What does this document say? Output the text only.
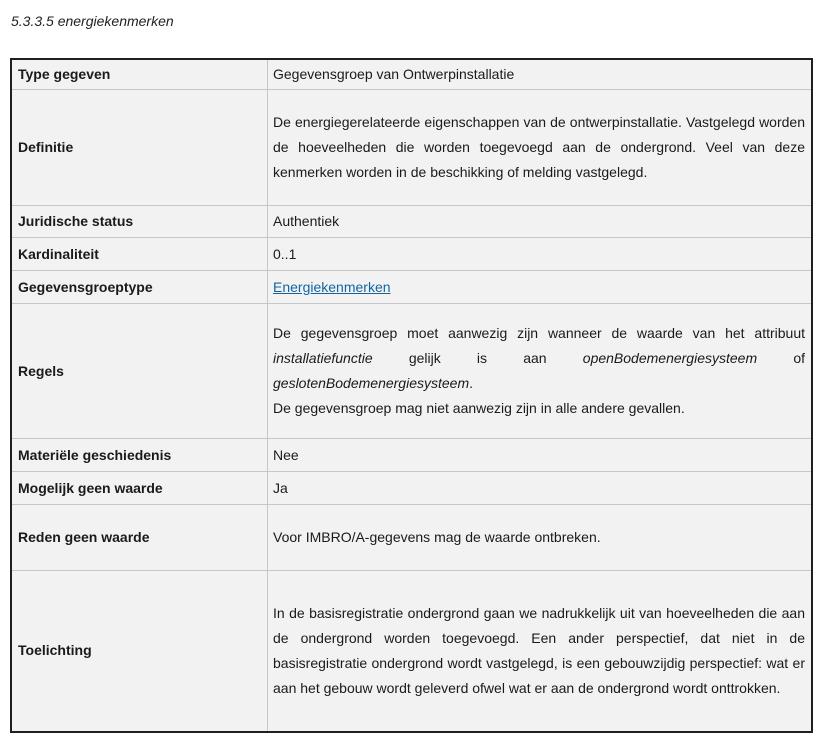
5.3.3.5 energiekenmerken
Type gegeven	Gegevensgroep van Ontwerpinstallatie
Definitie	De energiegerelateerde eigenschappen van de ontwerpinstallatie. Vastgelegd worden de hoeveelheden die worden toegevoegd aan de ondergrond. Veel van deze kenmerken worden in de beschikking of melding vastgelegd.
Juridische status	Authentiek
Kardinaliteit	0..1
Gegevensgroeptype	Energiekenmerken
Regels	De gegevensgroep moet aanwezig zijn wanneer de waarde van het attribuut installatiefunctie gelijk is aan openBodemenergiesysteem of geslotenBodemenergiesysteem.
De gegevensgroep mag niet aanwezig zijn in alle andere gevallen.

Materiële geschiedenis	Nee
Mogelijk geen waarde	Ja
Reden geen waarde	Voor IMBRO/A-gegevens mag de waarde ontbreken.
Toelichting	In de basisregistratie ondergrond gaan we nadrukkelijk uit van hoeveelheden die aan de ondergrond worden toegevoegd. Een ander perspectief, dat niet in de basisregistratie ondergrond wordt vastgelegd, is een gebouwzijdig perspectief: wat er aan het gebouw wordt geleverd ofwel wat er aan de ondergrond wordt onttrokken.
